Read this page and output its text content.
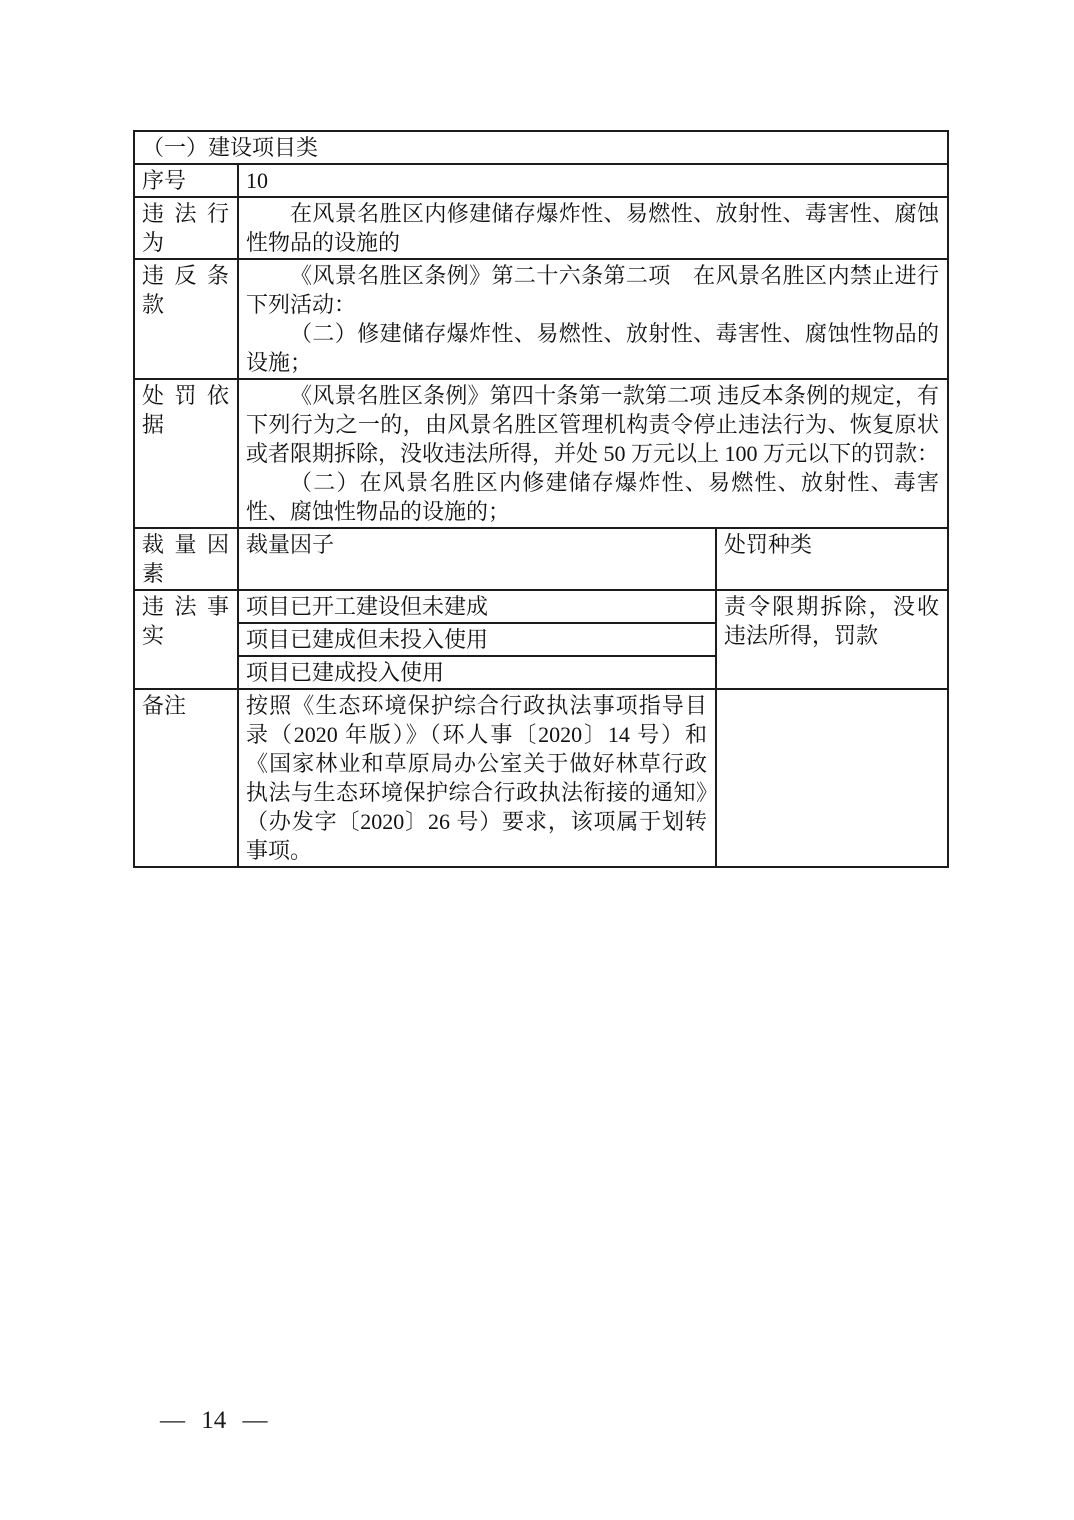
（一）建设项目类		

序号	10	

违法行为	在风景名胜区内修建储存爆炸性、易燃性、放射性、毒害性、腐蚀性物品的设施的	

违反条款	《风景名胜区条例》第二十六条第二项　在风景名胜区内禁止进行下列活动：

（二）修建储存爆炸性、易燃性、放射性、毒害性、腐蚀性物品的设施；	

处罚依据	《风景名胜区条例》第四十条第一款第二项 违反本条例的规定，有下列行为之一的，由风景名胜区管理机构责令停止违法行为、恢复原状或者限期拆除，没收违法所得，并处 50 万元以上 100 万元以下的罚款：

（二）在风景名胜区内修建储存爆炸性、易燃性、放射性、毒害性、腐蚀性物品的设施的；	

裁量因素	裁量因子	处罚种类

违法事实	项目已开工建设但未建成	责令限期拆除，没收违法所得，罚款

	项目已建成但未投入使用	

	项目已建成投入使用	

备注	按照《生态环境保护综合行政执法事项指导目录（2020 年版）》（环人事〔2020〕14 号）和《国家林业和草原局办公室关于做好林草行政执法与生态环境保护综合行政执法衔接的通知》（办发字〔2020〕26 号）要求，该项属于划转事项。	

— 14 —
